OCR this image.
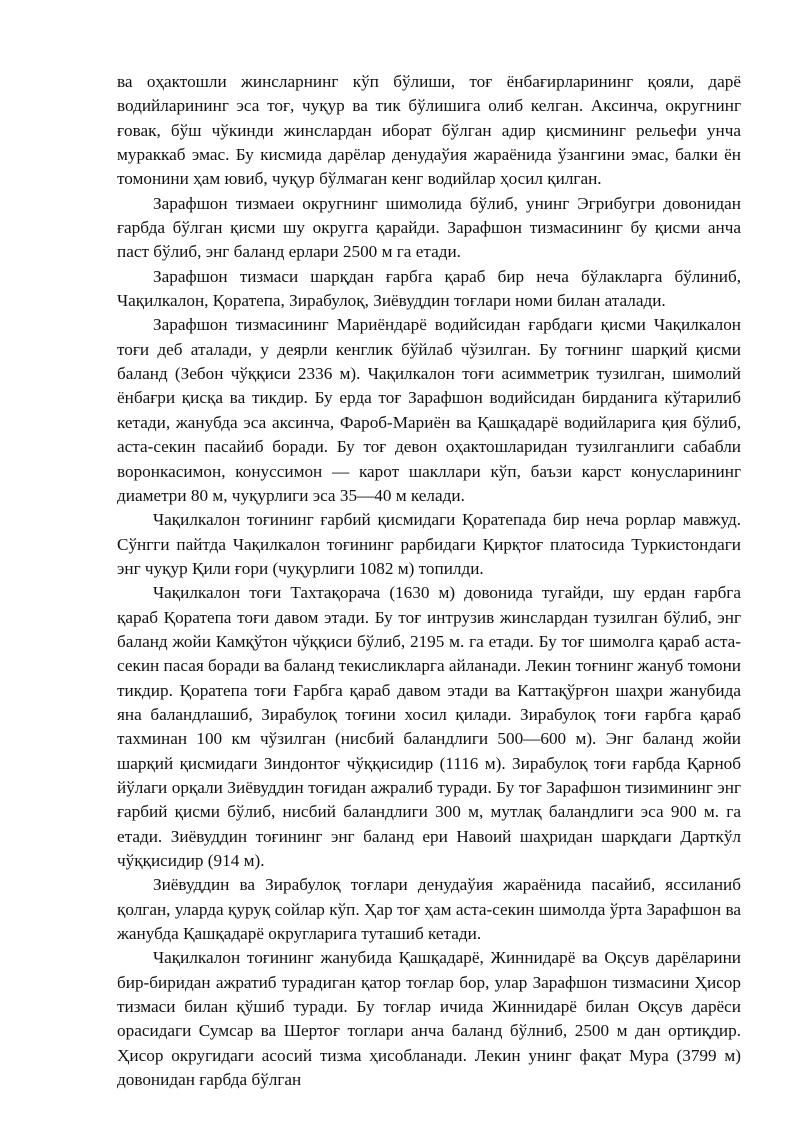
ва оҳактошли жинсларнинг кўп бўлиши, тоғ ёнбағирларининг қояли, дарё водийларининг эса тоғ, чуқур ва тик бўлишига олиб келган. Аксинча, округнинг ғовак, бўш чўкинди жинслардан иборат бўлган адир қисмининг рельефи унча мураккаб эмас. Бу кисмида дарёлар денудаўия жараёнида ўзангини эмас, балки ён томонини ҳам ювиб, чуқур бўлмаган кенг водийлар ҳосил қилган.

Зарафшон тизмаеи округнинг шимолида бўлиб, унинг Эгрибугри довонидан ғарбда бўлган қисми шу округга қарайди. Зарафшон тизмасининг бу қисми анча паст бўлиб, энг баланд ерлари 2500 м га етади.

Зарафшон тизмаси шарқдан ғарбга қараб бир неча бўлакларга бўлиниб, Чақилкалон, Қоратепа, Зирабулоқ, Зиёвуддин тоғлари номи билан аталади.

Зарафшон тизмасининг Мариёндарё водийсидан ғарбдаги қисми Чақилкалон тоғи деб аталади, у деярли кенглик бўйлаб чўзилган. Бу тоғнинг шарқий қисми баланд (Зебон чўққиси 2336 м). Чақилкалон тоғи асимметрик тузилган, шимолий ёнбағри қисқа ва тикдир. Бу ерда тоғ Зарафшон водийсидан бирданига кўтарилиб кетади, жанубда эса аксинча, Фароб-Мариён ва Қашқадарё водийларига қия бўлиб, аста-секин пасайиб боради. Бу тоғ девон оҳактошларидан тузилганлиги сабабли воронкасимон, конуссимон — карот шакллари кўп, баъзи карст конусларининг диаметри 80 м, чуқурлиги эса 35—40 м келади.

Чақилкалон тоғининг ғарбий қисмидаги Қоратепада бир неча рорлар мавжуд. Сўнгги пайтда Чақилкалон тоғининг рарбидаги Қирқтоғ платосида Туркистондаги энг чуқур Қили ғори (чуқурлиги 1082 м) топилди.

Чақилкалон тоғи Тахтақорача (1630 м) довонида тугайди, шу ердан ғарбга қараб Қоратепа тоғи давом этади. Бу тоғ интрузив жинслардан тузилган бўлиб, энг баланд жойи Камқўтон чўққиси бўлиб, 2195 м. га етади. Бу тоғ шимолга қараб аста-секин пасая боради ва баланд текисликларга айланади. Лекин тоғнинг жануб томони тикдир. Қоратепа тоғи Ғарбга қараб давом этади ва Каттақўрғон шаҳри жанубида яна баландлашиб, Зирабулоқ тоғини хосил қилади. Зирабулоқ тоғи ғарбга қараб тахминан 100 км чўзилган (нисбий баландлиги 500—600 м). Энг баланд жойи шарқий қисмидаги Зиндонтоғ чўққисидир (1116 м). Зирабулоқ тоғи ғарбда Қарноб йўлаги орқали Зиёвуддин тоғидан ажралиб туради. Бу тоғ Зарафшон тизимининг энг ғарбий қисми бўлиб, нисбий баландлиги 300 м, мутлақ баландлиги эса 900 м. га етади. Зиёвуддин тоғининг энг баланд ери Навоий шаҳридан шарқдаги Дарткўл чўққисидир (914 м).

Зиёвуддин ва Зирабулоқ тоғлари денудаўия жараёнида пасайиб, яссиланиб қолган, уларда қуруқ сойлар кўп. Ҳар тоғ ҳам аста-секин шимолда ўрта Зарафшон ва жанубда Қашқадарё округларига туташиб кетади.

Чақилкалон тоғининг жанубида Қашқадарё, Жиннидарё ва Оқсув дарёларини бир-биридан ажратиб турадиган қатор тоғлар бор, улар Зарафшон тизмасини Ҳисор тизмаси билан қўшиб туради. Бу тоғлар ичида Жиннидарё билан Оқсув дарёси орасидаги Сумсар ва Шертоғ тоглари анча баланд бўлниб, 2500 м дан ортиқдир. Ҳисор округидаги асосий тизма ҳисобланади. Лекин унинг фақат Мура (3799 м) довонидан ғарбда бўлган
